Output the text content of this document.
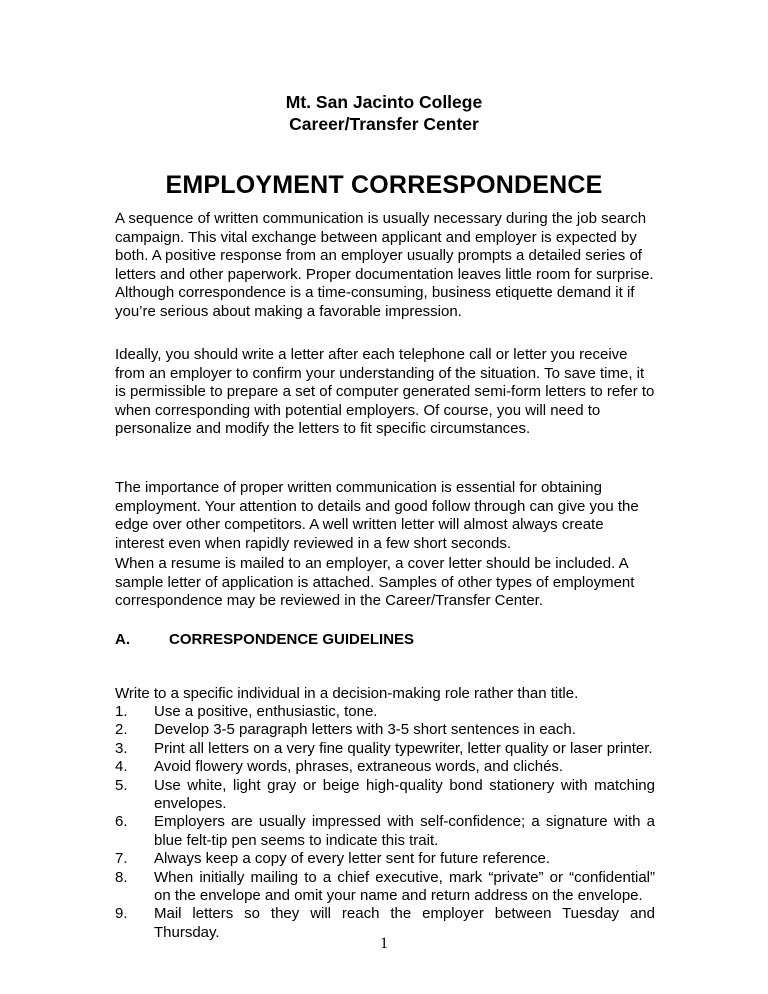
Mt. San Jacinto College
Career/Transfer Center
EMPLOYMENT CORRESPONDENCE

A sequence of written communication is usually necessary during the job search campaign. This vital exchange between applicant and employer is expected by both. A positive response from an employer usually prompts a detailed series of letters and other paperwork. Proper documentation leaves little room for surprise. Although correspondence is a time-consuming, business etiquette demand it if you’re serious about making a favorable impression.

Ideally, you should write a letter after each telephone call or letter you receive from an employer to confirm your understanding of the situation. To save time, it is permissible to prepare a set of computer generated semi-form letters to refer to when corresponding with potential employers. Of course, you will need to personalize and modify the letters to fit specific circumstances.

The importance of proper written communication is essential for obtaining employment. Your attention to details and good follow through can give you the edge over other competitors. A well written letter will almost always create interest even when rapidly reviewed in a few short seconds.

When a resume is mailed to an employer, a cover letter should be included. A sample letter of application is attached. Samples of other types of employment correspondence may be reviewed in the Career/Transfer Center.

A.	CORRESPONDENCE GUIDELINES
Write to a specific individual in a decision-making role rather than title.
1.	Use a positive, enthusiastic, tone.
2.	Develop 3-5 paragraph letters with 3-5 short sentences in each.
3.	Print all letters on a very fine quality typewriter, letter quality or laser printer.
4.	Avoid flowery words, phrases, extraneous words, and clichés.
5.	Use white, light gray or beige high-quality bond stationery with matching envelopes.
6.	Employers are usually impressed with self-confidence; a signature with a blue felt-tip pen seems to indicate this trait.
7.	Always keep a copy of every letter sent for future reference.
8.	When initially mailing to a chief executive, mark “private” or “confidential” on the envelope and omit your name and return address on the envelope.
9.	Mail letters so they will reach the employer between Tuesday and Thursday.
1
